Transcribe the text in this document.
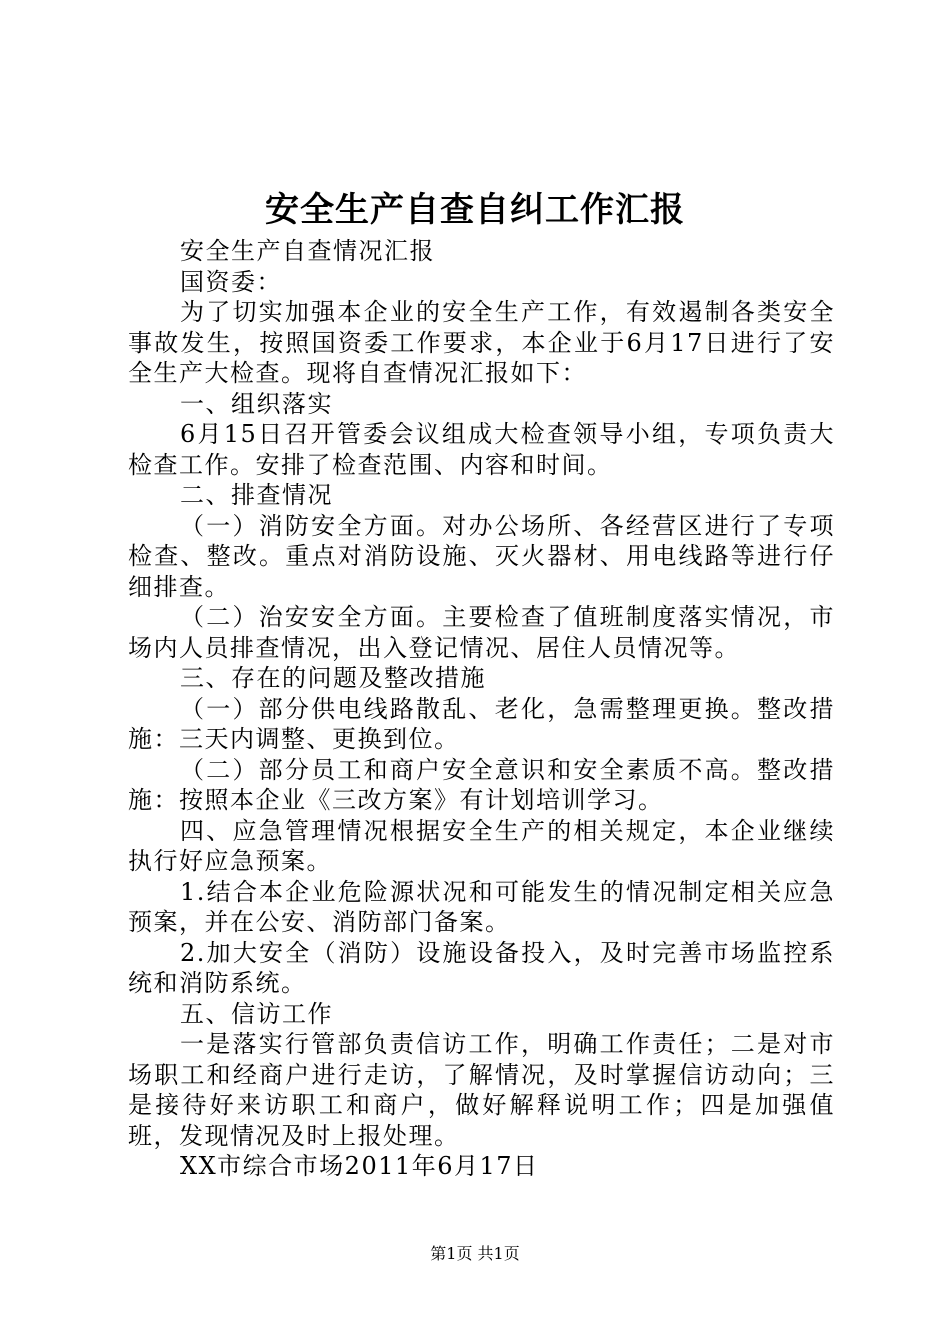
安全生产自查自纠工作汇报

安全生产自查情况汇报

国资委：

为了切实加强本企业的安全生产工作，有效遏制各类安全事故发生，按照国资委工作要求，本企业于6月17日进行了安全生产大检查。现将自查情况汇报如下：

一、组织落实

6月15日召开管委会议组成大检查领导小组，专项负责大检查工作。安排了检查范围、内容和时间。

二、排查情况

（一）消防安全方面。对办公场所、各经营区进行了专项检查、整改。重点对消防设施、灭火器材、用电线路等进行仔细排查。

（二）治安安全方面。主要检查了值班制度落实情况，市场内人员排查情况，出入登记情况、居住人员情况等。

三、存在的问题及整改措施

（一）部分供电线路散乱、老化，急需整理更换。整改措施：三天内调整、更换到位。

（二）部分员工和商户安全意识和安全素质不高。整改措施：按照本企业《三改方案》有计划培训学习。

四、应急管理情况根据安全生产的相关规定，本企业继续执行好应急预案。

1.结合本企业危险源状况和可能发生的情况制定相关应急预案，并在公安、消防部门备案。

2.加大安全（消防）设施设备投入，及时完善市场监控系统和消防系统。

五、信访工作

一是落实行管部负责信访工作，明确工作责任；二是对市场职工和经商户进行走访，了解情况，及时掌握信访动向；三是接待好来访职工和商户，做好解释说明工作；四是加强值班，发现情况及时上报处理。

XX市综合市场2011年6月17日

第1页 共1页
